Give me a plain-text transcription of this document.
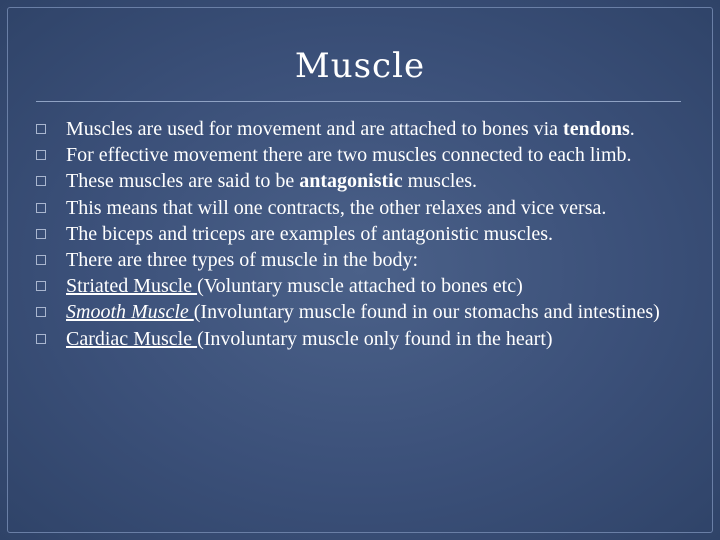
Muscle
Muscles are used for movement and are attached to bones via tendons.
For effective movement there are two muscles connected to each limb.
These muscles are said to be antagonistic muscles.
This means that will one contracts, the other relaxes and vice versa.
The biceps and triceps are examples of antagonistic muscles.
There are three types of muscle in the body:
Striated Muscle (Voluntary muscle attached to bones etc)
Smooth Muscle (Involuntary muscle found in our stomachs and intestines)
Cardiac Muscle (Involuntary muscle only found in the heart)
